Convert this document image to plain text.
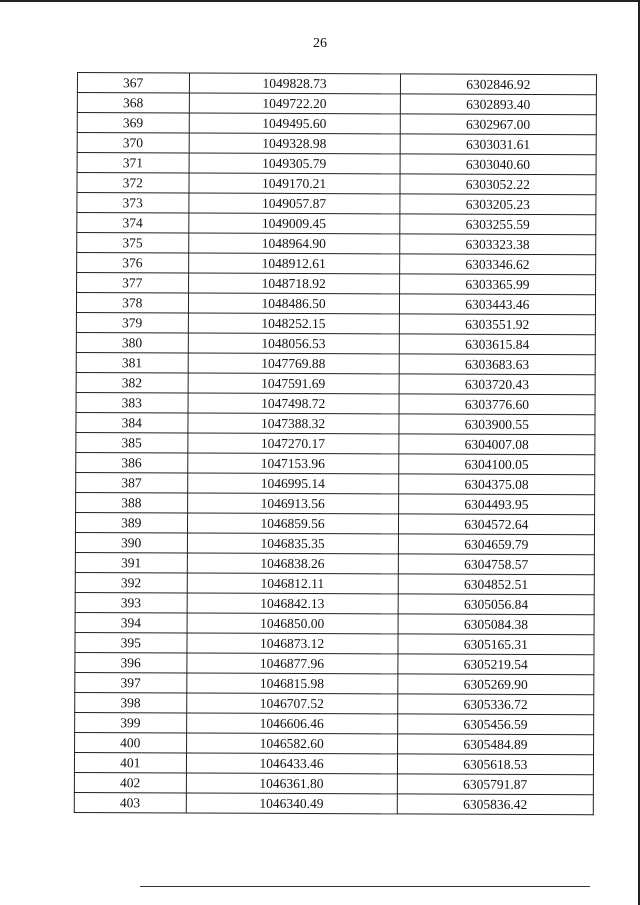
26
367	1049828.73	6302846.92
368	1049722.20	6302893.40
369	1049495.60	6302967.00
370	1049328.98	6303031.61
371	1049305.79	6303040.60
372	1049170.21	6303052.22
373	1049057.87	6303205.23
374	1049009.45	6303255.59
375	1048964.90	6303323.38
376	1048912.61	6303346.62
377	1048718.92	6303365.99
378	1048486.50	6303443.46
379	1048252.15	6303551.92
380	1048056.53	6303615.84
381	1047769.88	6303683.63
382	1047591.69	6303720.43
383	1047498.72	6303776.60
384	1047388.32	6303900.55
385	1047270.17	6304007.08
386	1047153.96	6304100.05
387	1046995.14	6304375.08
388	1046913.56	6304493.95
389	1046859.56	6304572.64
390	1046835.35	6304659.79
391	1046838.26	6304758.57
392	1046812.11	6304852.51
393	1046842.13	6305056.84
394	1046850.00	6305084.38
395	1046873.12	6305165.31
396	1046877.96	6305219.54
397	1046815.98	6305269.90
398	1046707.52	6305336.72
399	1046606.46	6305456.59
400	1046582.60	6305484.89
401	1046433.46	6305618.53
402	1046361.80	6305791.87
403	1046340.49	6305836.42
